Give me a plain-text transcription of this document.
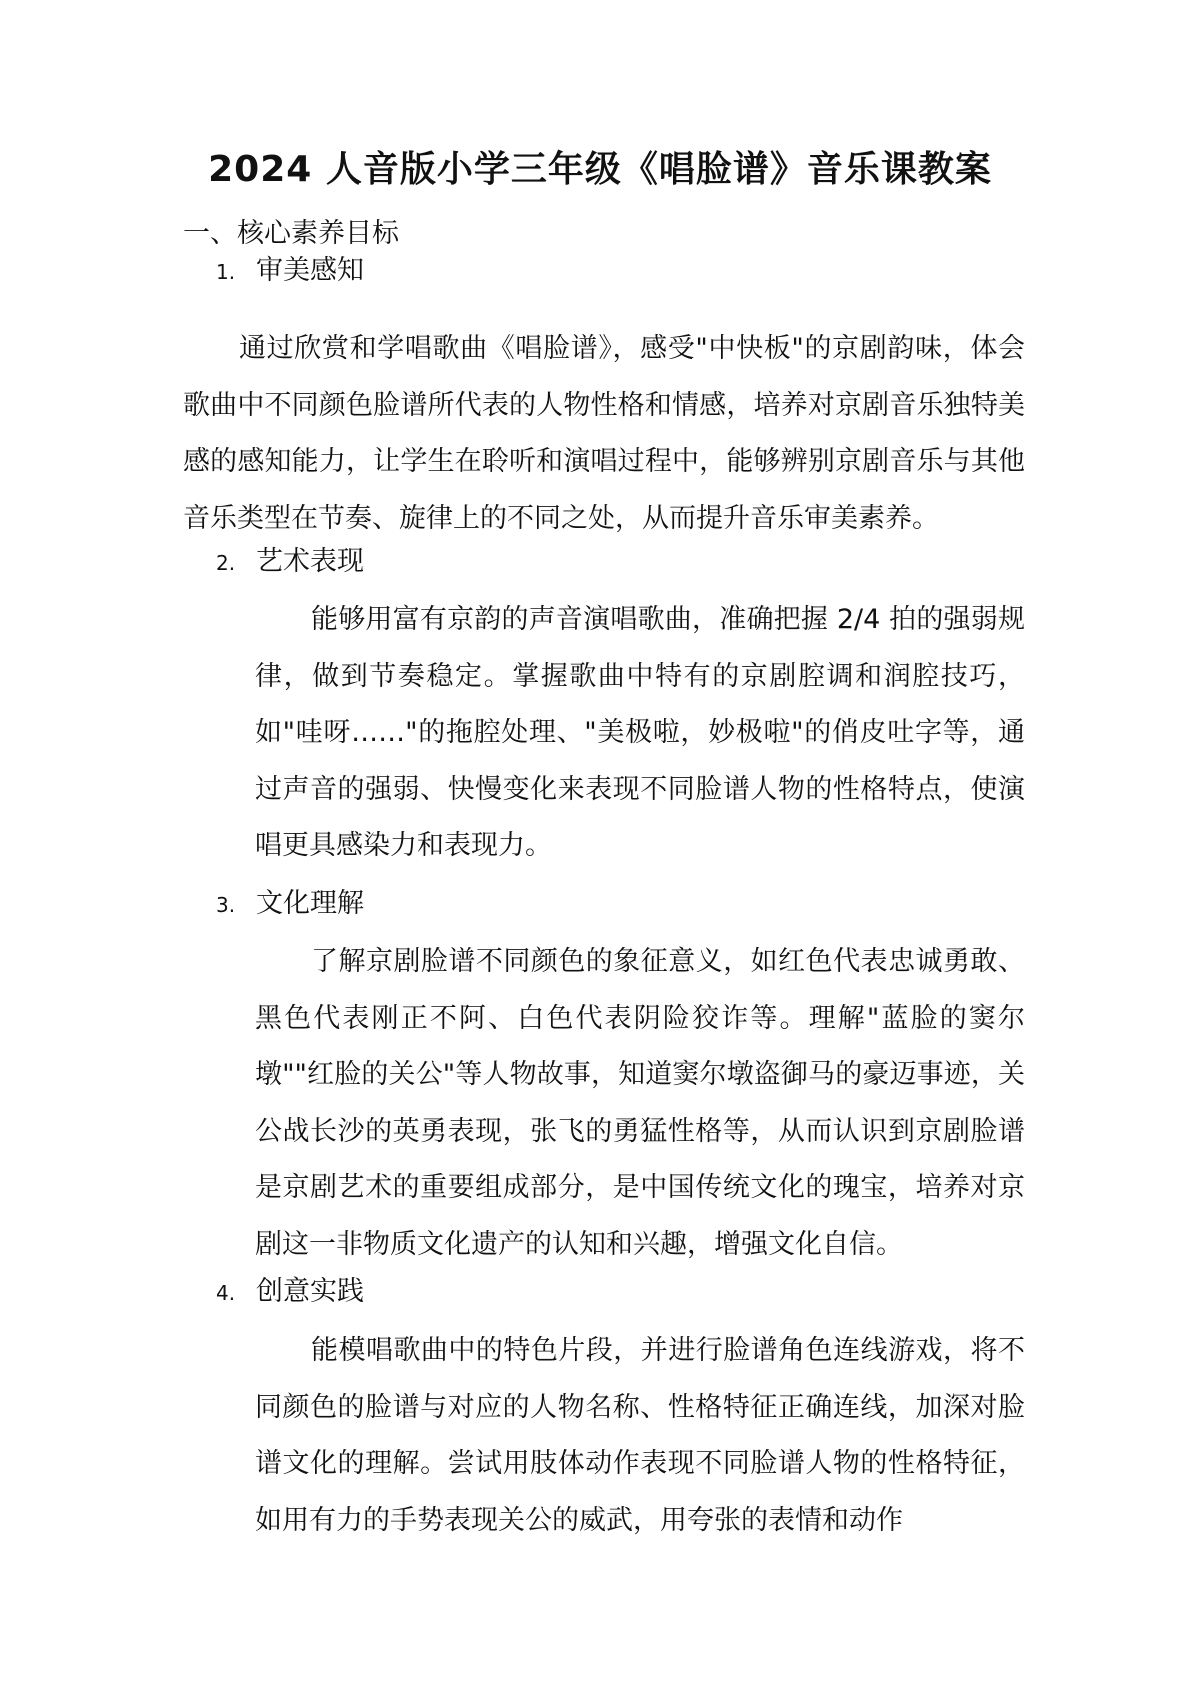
2024 人音版小学三年级《唱脸谱》音乐课教案
一、核心素养目标
1. 审美感知

通过欣赏和学唱歌曲《唱脸谱》，感受"中快板"的京剧韵味，体会歌曲中不同颜色脸谱所代表的人物性格和情感，培养对京剧音乐独特美感的感知能力，让学生在聆听和演唱过程中，能够辨别京剧音乐与其他音乐类型在节奏、旋律上的不同之处，从而提升音乐审美素养。

2. 艺术表现

能够用富有京韵的声音演唱歌曲，准确把握 2/4 拍的强弱规律，做到节奏稳定。掌握歌曲中特有的京剧腔调和润腔技巧，如"哇呀……"的拖腔处理、"美极啦，妙极啦"的俏皮吐字等，通过声音的强弱、快慢变化来表现不同脸谱人物的性格特点，使演唱更具感染力和表现力。

3. 文化理解

了解京剧脸谱不同颜色的象征意义，如红色代表忠诚勇敢、黑色代表刚正不阿、白色代表阴险狡诈等。理解"蓝脸的窦尔墩""红脸的关公"等人物故事，知道窦尔墩盗御马的豪迈事迹，关公战长沙的英勇表现，张飞的勇猛性格等，从而认识到京剧脸谱是京剧艺术的重要组成部分，是中国传统文化的瑰宝，培养对京剧这一非物质文化遗产的认知和兴趣，增强文化自信。

4. 创意实践

能模唱歌曲中的特色片段，并进行脸谱角色连线游戏，将不同颜色的脸谱与对应的人物名称、性格特征正确连线，加深对脸谱文化的理解。尝试用肢体动作表现不同脸谱人物的性格特征，如用有力的手势表现关公的威武，用夸张的表情和动作
